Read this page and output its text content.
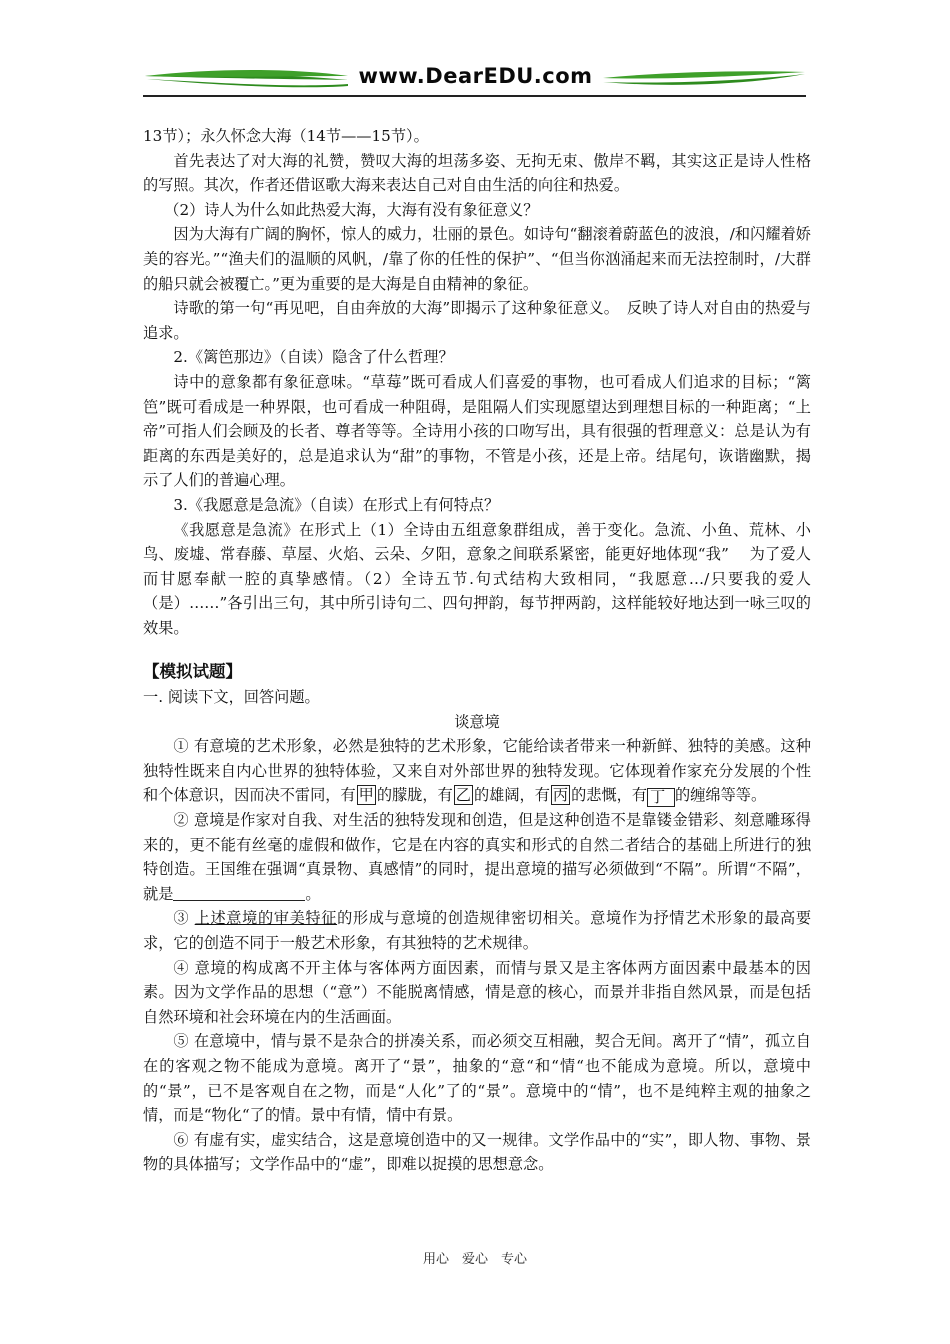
www.DearEDU.com

13节）；永久怀念大海（14节——15节）。

首先表达了对大海的礼赞，赞叹大海的坦荡多姿、无拘无束、傲岸不羁，其实这正是诗人性格的写照。其次，作者还借讴歌大海来表达自己对自由生活的向往和热爱。

（2）诗人为什么如此热爱大海，大海有没有象征意义？

因为大海有广阔的胸怀，惊人的威力，壮丽的景色。如诗句“翻滚着蔚蓝色的波浪，/和闪耀着娇美的容光。”“渔夫们的温顺的风帆，/靠了你的任性的保护”、“但当你汹涌起来而无法控制时，/大群的船只就会被覆亡。”更为重要的是大海是自由精神的象征。

诗歌的第一句“再见吧，自由奔放的大海”即揭示了这种象征意义。　反映了诗人对自由的热爱与追求。

2.《篱笆那边》（自读）隐含了什么哲理？

诗中的意象都有象征意味。“草莓”既可看成人们喜爱的事物，也可看成人们追求的目标；“篱笆”既可看成是一种界限，也可看成一种阻碍，是阻隔人们实现愿望达到理想目标的一种距离；“上帝”可指人们会顾及的长者、尊者等等。全诗用小孩的口吻写出，具有很强的哲理意义：总是认为有距离的东西是美好的，总是追求认为“甜”的事物，不管是小孩，还是上帝。结尾句，诙谐幽默，揭示了人们的普遍心理。

3.《我愿意是急流》（自读）在形式上有何特点？

《我愿意是急流》在形式上（1）全诗由五组意象群组成，善于变化。急流、小鱼、荒林、小鸟、废墟、常春藤、草屋、火焰、云朵、夕阳，意象之间联系紧密，能更好地体现“我”　 为了爱人而甘愿奉献一腔的真挚感情。（2）全诗五节.句式结构大致相同，“我愿意…/只要我的爱人（是）……”各引出三句，其中所引诗句二、四句押韵，每节押两韵，这样能较好地达到一咏三叹的效果。

【模拟试题】

一. 阅读下文，回答问题。

谈意境

① 有意境的艺术形象，必然是独特的艺术形象，它能给读者带来一种新鲜、独特的美感。这种独特性既来自内心世界的独特体验，又来自对外部世界的独特发现。它体现着作家充分发展的个性和个体意识，因而决不雷同，有 甲 的朦胧，有 乙 的雄阔，有 丙 的悲慨，有 丁 的缠绵等等。

② 意境是作家对自我、对生活的独特发现和创造，但是这种创造不是靠镂金错彩、刻意雕琢得来的，更不能有丝毫的虚假和做作，它是在内容的真实和形式的自然二者结合的基础上所进行的独特创造。王国维在强调“真景物、真感情”的同时，提出意境的描写必须做到“不隔”。所谓“不隔”，就是	。

③ 上述意境的审美特征的形成与意境的创造规律密切相关。意境作为抒情艺术形象的最高要求，它的创造不同于一般艺术形象，有其独特的艺术规律。

④ 意境的构成离不开主体与客体两方面因素，而情与景又是主客体两方面因素中最基本的因素。因为文学作品的思想（“意”）不能脱离情感，情是意的核心，而景并非指自然风景，而是包括自然环境和社会环境在内的生活画面。

⑤ 在意境中，情与景不是杂合的拼凑关系，而必须交互相融，契合无间。离开了“情”，孤立自在的客观之物不能成为意境。离开了“景”，抽象的“意“和“情“也不能成为意境。所以，意境中的“景”，已不是客观自在之物，而是“人化”了的“景”。意境中的“情”，也不是纯粹主观的抽象之情，而是“物化“了的情。景中有情，情中有景。

⑥ 有虚有实，虚实结合，这是意境创造中的又一规律。文学作品中的“实”，即人物、事物、景物的具体描写；文学作品中的“虚”，即难以捉摸的思想意念。

用心　爱心　专心
